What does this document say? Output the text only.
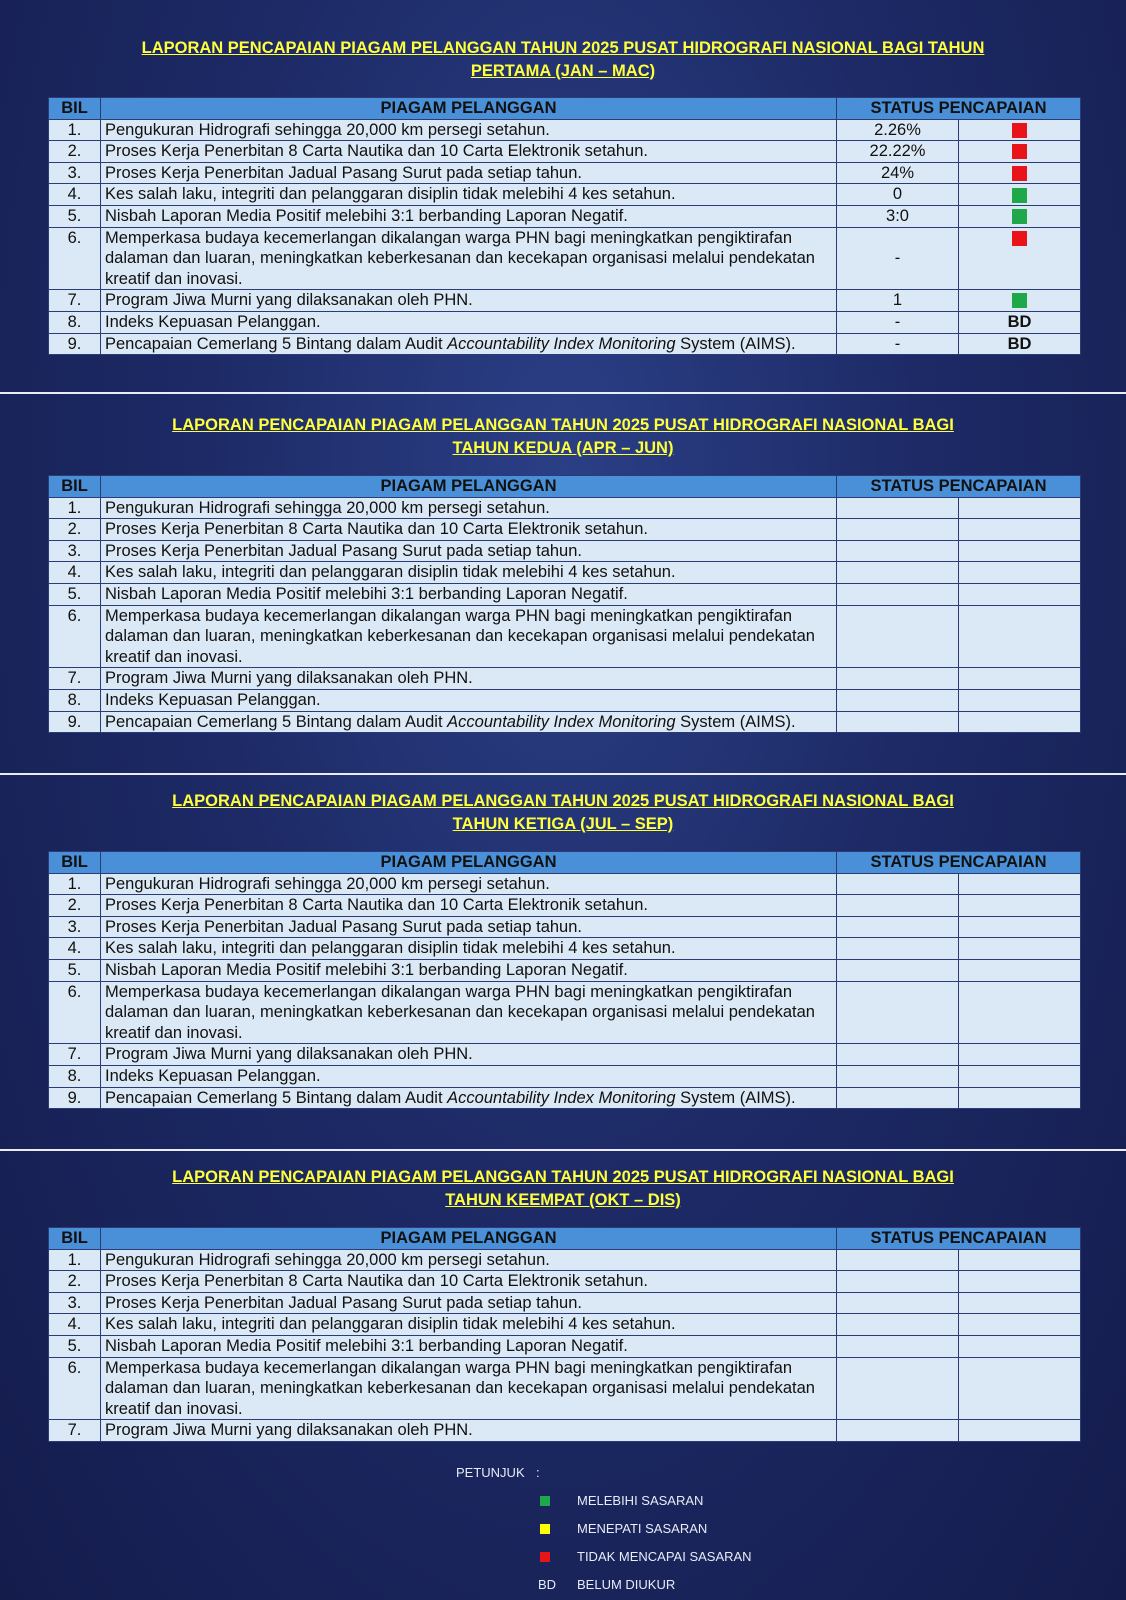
LAPORAN PENCAPAIAN PIAGAM PELANGGAN TAHUN 2025 PUSAT HIDROGRAFI NASIONAL BAGI TAHUN
PERTAMA (JAN – MAC)
BIL	PIAGAM PELANGGAN	STATUS PENCAPAIAN	
1.	Pengukuran Hidrografi sehingga 20,000 km persegi setahun.	2.26%	
2.	Proses Kerja Penerbitan 8 Carta Nautika dan 10 Carta Elektronik setahun.	22.22%	
3.	Proses Kerja Penerbitan Jadual Pasang Surut pada setiap tahun.	24%	
4.	Kes salah laku, integriti dan pelanggaran disiplin tidak melebihi 4 kes setahun.	0	
5.	Nisbah Laporan Media Positif melebihi 3:1 berbanding Laporan Negatif.	3:0	
6.	Memperkasa budaya kecemerlangan dikalangan warga PHN bagi meningkatkan pengiktirafan dalaman dan luaran, meningkatkan keberkesanan dan kecekapan organisasi melalui pendekatan kreatif dan inovasi.	-	
7.	Program Jiwa Murni yang dilaksanakan oleh PHN.	1	
8.	Indeks Kepuasan Pelanggan.	-	BD
9.	Pencapaian Cemerlang 5 Bintang dalam Audit Accountability Index Monitoring System (AIMS).	-	BD
LAPORAN PENCAPAIAN PIAGAM PELANGGAN TAHUN 2025 PUSAT HIDROGRAFI NASIONAL BAGI
TAHUN KEDUA (APR – JUN)
BIL	PIAGAM PELANGGAN	STATUS PENCAPAIAN	
1.	Pengukuran Hidrografi sehingga 20,000 km persegi setahun.		
2.	Proses Kerja Penerbitan 8 Carta Nautika dan 10 Carta Elektronik setahun.		
3.	Proses Kerja Penerbitan Jadual Pasang Surut pada setiap tahun.		
4.	Kes salah laku, integriti dan pelanggaran disiplin tidak melebihi 4 kes setahun.		
5.	Nisbah Laporan Media Positif melebihi 3:1 berbanding Laporan Negatif.		
6.	Memperkasa budaya kecemerlangan dikalangan warga PHN bagi meningkatkan pengiktirafan dalaman dan luaran, meningkatkan keberkesanan dan kecekapan organisasi melalui pendekatan kreatif dan inovasi.		
7.	Program Jiwa Murni yang dilaksanakan oleh PHN.		
8.	Indeks Kepuasan Pelanggan.		
9.	Pencapaian Cemerlang 5 Bintang dalam Audit Accountability Index Monitoring System (AIMS).		
LAPORAN PENCAPAIAN PIAGAM PELANGGAN TAHUN 2025 PUSAT HIDROGRAFI NASIONAL BAGI
TAHUN KETIGA (JUL – SEP)
BIL	PIAGAM PELANGGAN	STATUS PENCAPAIAN	
1.	Pengukuran Hidrografi sehingga 20,000 km persegi setahun.		
2.	Proses Kerja Penerbitan 8 Carta Nautika dan 10 Carta Elektronik setahun.		
3.	Proses Kerja Penerbitan Jadual Pasang Surut pada setiap tahun.		
4.	Kes salah laku, integriti dan pelanggaran disiplin tidak melebihi 4 kes setahun.		
5.	Nisbah Laporan Media Positif melebihi 3:1 berbanding Laporan Negatif.		
6.	Memperkasa budaya kecemerlangan dikalangan warga PHN bagi meningkatkan pengiktirafan dalaman dan luaran, meningkatkan keberkesanan dan kecekapan organisasi melalui pendekatan kreatif dan inovasi.		
7.	Program Jiwa Murni yang dilaksanakan oleh PHN.		
8.	Indeks Kepuasan Pelanggan.		
9.	Pencapaian Cemerlang 5 Bintang dalam Audit Accountability Index Monitoring System (AIMS).		
LAPORAN PENCAPAIAN PIAGAM PELANGGAN TAHUN 2025 PUSAT HIDROGRAFI NASIONAL BAGI
TAHUN KEEMPAT (OKT – DIS)
BIL	PIAGAM PELANGGAN	STATUS PENCAPAIAN	
1.	Pengukuran Hidrografi sehingga 20,000 km persegi setahun.		
2.	Proses Kerja Penerbitan 8 Carta Nautika dan 10 Carta Elektronik setahun.		
3.	Proses Kerja Penerbitan Jadual Pasang Surut pada setiap tahun.		
4.	Kes salah laku, integriti dan pelanggaran disiplin tidak melebihi 4 kes setahun.		
5.	Nisbah Laporan Media Positif melebihi 3:1 berbanding Laporan Negatif.		
6.	Memperkasa budaya kecemerlangan dikalangan warga PHN bagi meningkatkan pengiktirafan dalaman dan luaran, meningkatkan keberkesanan dan kecekapan organisasi melalui pendekatan kreatif dan inovasi.		
7.	Program Jiwa Murni yang dilaksanakan oleh PHN.		
PETUNJUK :
MELEBIHI SASARAN
MENEPATI SASARAN
TIDAK MENCAPAI SASARAN
BD BELUM DIUKUR
